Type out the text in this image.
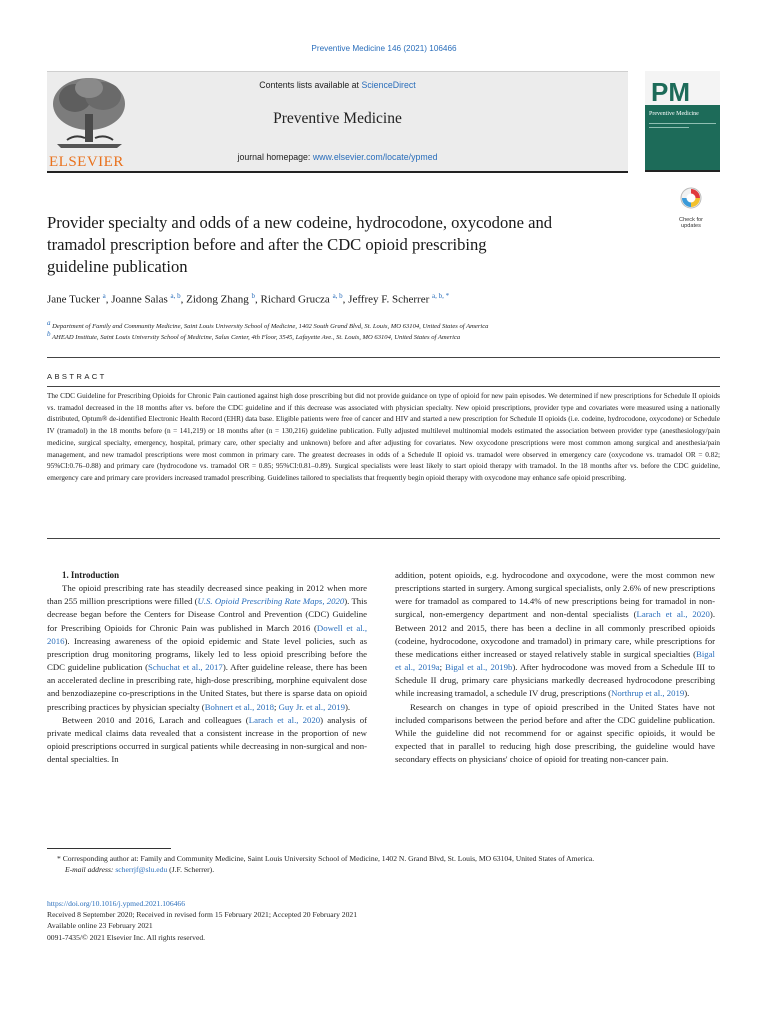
Preventive Medicine 146 (2021) 106466
ELSEVIER
Contents lists available at ScienceDirect
Preventive Medicine
journal homepage: www.elsevier.com/locate/ypmed
PM
Preventive Medicine
Check for
updates
Provider specialty and odds of a new codeine, hydrocodone, oxycodone and
tramadol prescription before and after the CDC opioid prescribing
guideline publication
Jane Tucker $^a$, Joanne Salas $^{a, b}$, Zidong Zhang $^b$, Richard Grucza $^{a, b}$, Jeffrey F. Scherrer $^{a, b, *}$
$^a$ Department of Family and Community Medicine, Saint Louis University School of Medicine, 1402 South Grand Blvd, St. Louis, MO 63104, United States of America
$^b$ AHEAD Institute, Saint Louis University School of Medicine, Salus Center, 4th Floor, 3545, Lafayette Ave., St. Louis, MO 63104, United States of America
ABSTRACT
The CDC Guideline for Prescribing Opioids for Chronic Pain cautioned against high dose prescribing but did not provide guidance on type of opioid for new pain episodes. We determined if new prescriptions for Schedule II opioids vs. tramadol decreased in the 18 months after vs. before the CDC guideline and if this decrease was associated with physician specialty. New opioid prescriptions, provider type and covariates were measured using a nationally distributed, Optum® de-identified Electronic Health Record (EHR) data base. Eligible patients were free of cancer and HIV and started a new prescription for Schedule II opioids (i.e. codeine, hydrocodone, oxycodone) or Schedule IV (tramadol) in the 18 months before (n = 141,219) or 18 months after (n = 130,216) guideline publication. Fully adjusted multilevel multinomial models estimated the association between provider type (anesthesiology/pain medicine, surgical specialty, emergency, hospital, primary care, other specialty and unknown) before and after adjusting for covariates. New oxycodone prescriptions were most common among surgical and anesthesia/pain management, and new tramadol prescriptions were most common in primary care. The greatest decreases in odds of a Schedule II opioid vs. tramadol were observed in emergency care (oxycodone vs. tramadol OR = 0.82; 95%CI:0.76–0.88) and primary care (hydrocodone vs. tramadol OR = 0.85; 95%CI:0.81–0.89). Surgical specialists were least likely to start opioid therapy with tramadol. In the 18 months after vs. before the CDC guideline, emergency care and primary care providers increased tramadol prescribing. Guidelines tailored to specialists that frequently begin opioid therapy with oxycodone may enhance safe opioid prescribing.

1. Introduction

The opioid prescribing rate has steadily decreased since peaking in 2012 when more than 255 million prescriptions were filled (U.S. Opioid Prescribing Rate Maps, 2020). This decrease began before the Centers for Disease Control and Prevention (CDC) Guideline for Prescribing Opioids for Chronic Pain was published in March 2016 (Dowell et al., 2016). Increasing awareness of the opioid epidemic and State level policies, such as prescription drug monitoring programs, likely led to less opioid prescribing before the CDC guideline publication (Schuchat et al., 2017). After guideline release, there has been an accelerated decline in prescribing rate, high-dose prescribing, morphine equivalent dose and benzodiazepine co-prescriptions in the United States, but there is sparse data on opioid prescribing practices by physician specialty (Bohnert et al., 2018; Guy Jr. et al., 2019).

Between 2010 and 2016, Larach and colleagues (Larach et al., 2020) analysis of private medical claims data revealed that a consistent increase in the proportion of new opioid prescriptions occurred in surgical patients while decreasing in non-surgical and non-dental specialties. In

addition, potent opioids, e.g. hydrocodone and oxycodone, were the most common new prescriptions started in surgery. Among surgical specialists, only 2.6% of new prescriptions were for tramadol as compared to 14.4% of new prescriptions being for tramadol in non-surgical, non-emergency department and non-dental specialists (Larach et al., 2020). Between 2012 and 2015, there has been a decline in all commonly prescribed opioids (codeine, hydrocodone, oxycodone and tramadol) in primary care, while prescriptions for these medications either increased or stayed relatively stable in surgical specialties (Bigal et al., 2019a; Bigal et al., 2019b). After hydrocodone was moved from a Schedule III to Schedule II drug, primary care physicians markedly decreased hydrocodone prescribing while increasing tramadol, a schedule IV drug, prescriptions (Northrup et al., 2019).

Research on changes in type of opioid prescribed in the United States have not included comparisons between the period before and after the CDC guideline publication. While the guideline did not recommend for or against specific opioids, it would be expected that in parallel to reducing high dose prescribing, the guideline would have secondary effects on physicians' choice of opioid for treating non-cancer pain.

* Corresponding author at: Family and Community Medicine, Saint Louis University School of Medicine, 1402 N. Grand Blvd, St. Louis, MO 63104, United States of America.
E-mail address: scherrjf@slu.edu (J.F. Scherrer).
https://doi.org/10.1016/j.ypmed.2021.106466
Received 8 September 2020; Received in revised form 15 February 2021; Accepted 20 February 2021
Available online 23 February 2021
0091-7435/© 2021 Elsevier Inc. All rights reserved.
